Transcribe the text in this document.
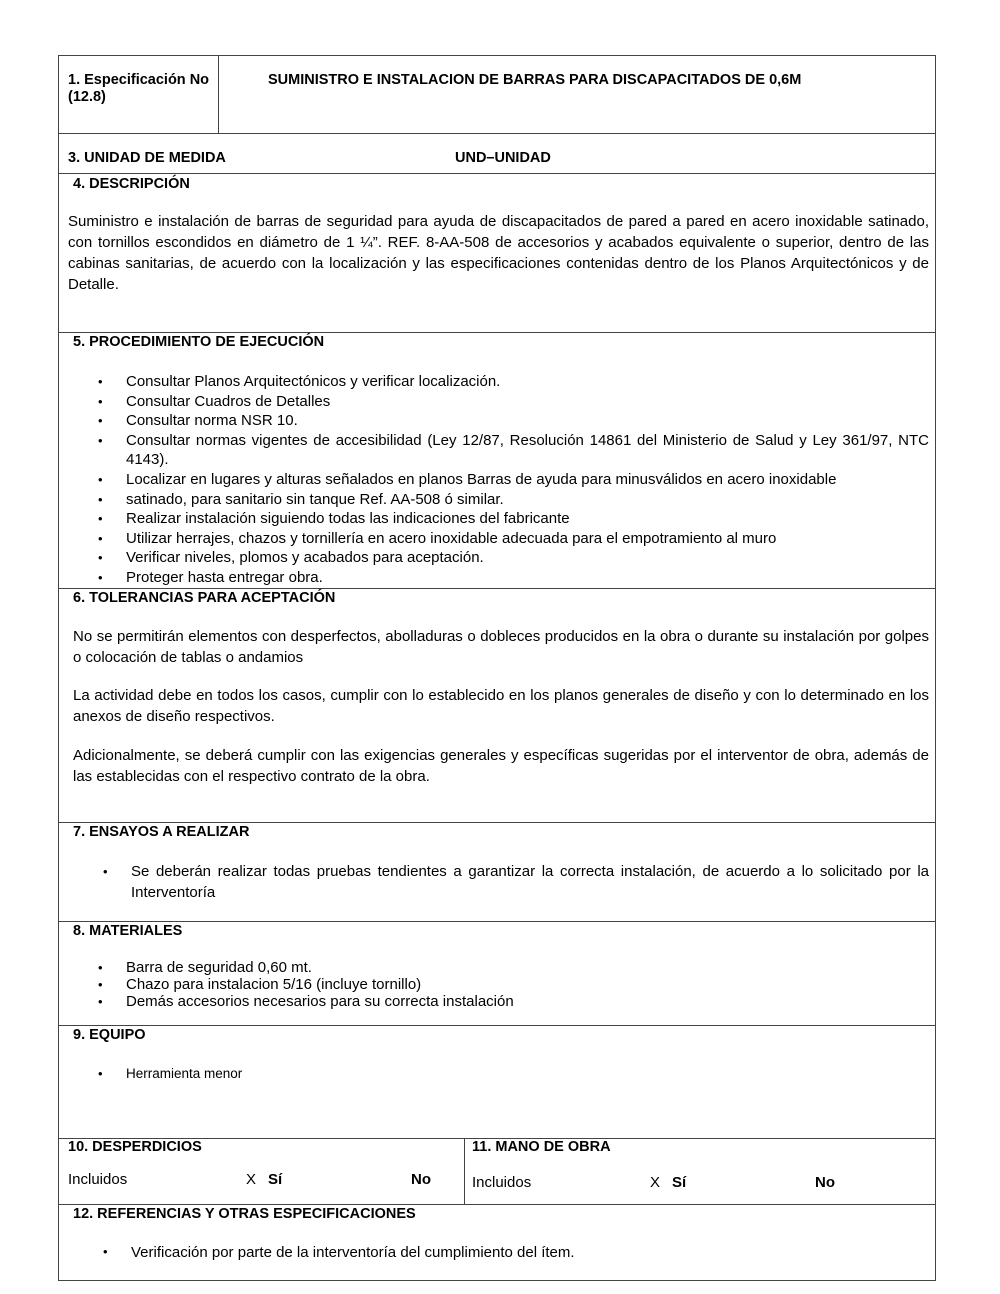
1. Especificación No (12.8)
SUMINISTRO E INSTALACION DE BARRAS PARA DISCAPACITADOS DE 0,6M
3. UNIDAD DE MEDIDA	UND–UNIDAD
4. DESCRIPCIÓN
Suministro e instalación de barras de seguridad para ayuda de discapacitados de pared a pared en acero inoxidable satinado, con tornillos escondidos en diámetro de 1 ¼”. REF. 8-AA-508 de accesorios y acabados equivalente o superior, dentro de las cabinas sanitarias, de acuerdo con la localización y las especificaciones contenidas dentro de los Planos Arquitectónicos y de Detalle.
5. PROCEDIMIENTO DE EJECUCIÓN
• Consultar Planos Arquitectónicos y verificar localización.
• Consultar Cuadros de Detalles
• Consultar norma NSR 10.
• Consultar normas vigentes de accesibilidad (Ley 12/87, Resolución 14861 del Ministerio de Salud y Ley 361/97, NTC 4143).
• Localizar en lugares y alturas señalados en planos Barras de ayuda para minusválidos en acero inoxidable
• satinado, para sanitario sin tanque Ref. AA-508 ó similar.
• Realizar instalación siguiendo todas las indicaciones del fabricante
• Utilizar herrajes, chazos y tornillería en acero inoxidable adecuada para el empotramiento al muro
• Verificar niveles, plomos y acabados para aceptación.
• Proteger hasta entregar obra.
6. TOLERANCIAS PARA ACEPTACIÓN
No se permitirán elementos con desperfectos, abolladuras o dobleces producidos en la obra o durante su instalación por golpes o colocación de tablas o andamios
La actividad debe en todos los casos, cumplir con lo establecido en los planos generales de diseño y con lo determinado en los anexos de diseño respectivos.
Adicionalmente, se deberá cumplir con las exigencias generales y específicas sugeridas por el interventor de obra, además de las establecidas con el respectivo contrato de la obra.
7. ENSAYOS A REALIZAR
• Se deberán realizar todas pruebas tendientes a garantizar la correcta instalación, de acuerdo a lo solicitado por la Interventoría
8. MATERIALES
• Barra de seguridad 0,60 mt.
• Chazo para instalacion 5/16 (incluye tornillo)
• Demás accesorios necesarios para su correcta instalación
9. EQUIPO
• Herramienta menor
10. DESPERDICIOS
Incluidos	X Sí	No
11. MANO DE OBRA
Incluidos	X Sí	No
12. REFERENCIAS Y OTRAS ESPECIFICACIONES
• Verificación por parte de la interventoría del cumplimiento del ítem.
